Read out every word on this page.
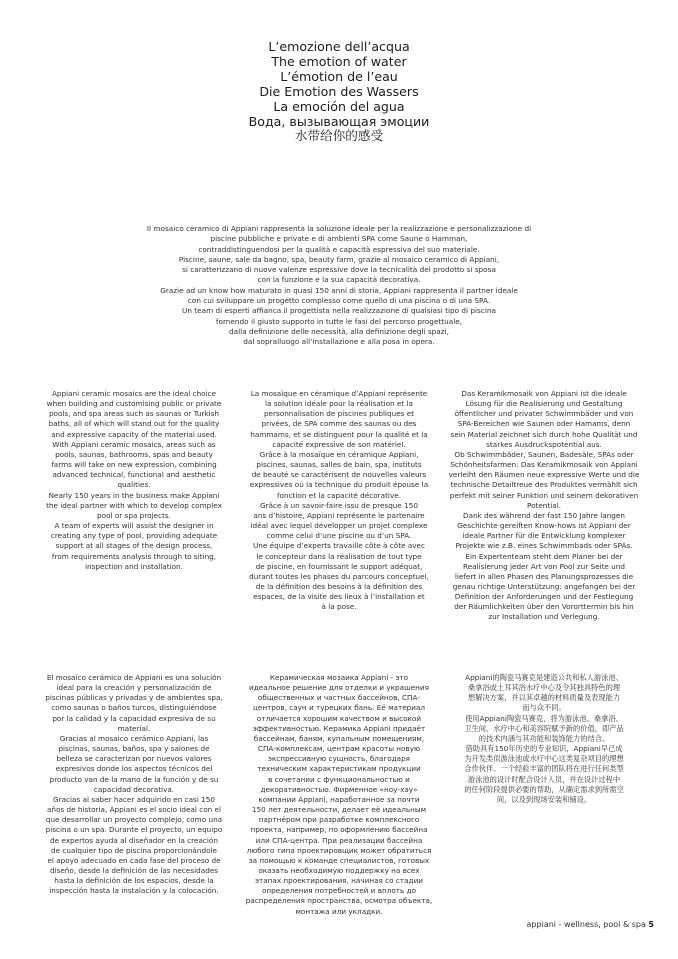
L’emozione dell’acqua
The emotion of water
L’émotion de l’eau
Die Emotion des Wassers
La emoción del agua
Вода, вызывающая эмоции
水带给你的感受

Il mosaico ceramico di Appiani rappresenta la soluzione ideale per la realizzazione e personalizzazione di

piscine pubbliche e private e di ambienti SPA come Saune o Hamman,

contraddistinguendosi per la qualità e capacità espressiva del suo materiale.

Piscine, saune, sale da bagno, spa, beauty farm, grazie al mosaico ceramico di Appiani,

si caratterizzano di nuove valenze espressive dove la tecnicalità del prodotto si sposa

con la funzione e la sua capacità decorativa.

Grazie ad un know how maturato in quasi 150 anni di storia, Appiani rappresenta il partner ideale

con cui sviluppare un progetto complesso come quello di una piscina o di una SPA.

Un team di esperti affianca il progettista nella realizzazione di qualsiasi tipo di piscina

fornendo il giusto supporto in tutte le fasi del percorso progettuale,

dalla definizione delle necessità, alla definizione degli spazi,

dal sopralluogo all’installazione e alla posa in opera.

Appiani ceramic mosaics are the ideal choice

when building and customising public or private

pools, and spa areas such as saunas or Turkish

baths, all of which will stand out for the quality

and expressive capacity of the material used.

With Appiani ceramic mosaics, areas such as

pools, saunas, bathrooms, spas and beauty

farms will take on new expression, combining

advanced technical, functional and aesthetic

qualities.

Nearly 150 years in the business make Appiani

the ideal partner with which to develop complex

pool or spa projects.

A team of experts will assist the designer in

creating any type of pool, providing adequate

support at all stages of the design process,

from requirements analysis through to siting,

inspection and installation.

La mosaïque en céramique d’Appiani représente

la solution idéale pour la réalisation et la

personnalisation de piscines publiques et

privées, de SPA comme des saunas ou des

hammams, et se distinguent pour la qualité et la

capacité expressive de son matériel.

Grâce à la mosaïque en céramique Appiani,

piscines, saunas, salles de bain, spa, instituts

de beauté se caractérisent de nouvelles valeurs

expressives où la technique du produit épouse la

fonction et la capacité décorative.

Grâce à un savoir-faire issu de presque 150

ans d’histoire, Appiani représente le partenaire

idéal avec lequel développer un projet complexe

comme celui d’une piscine ou d’un SPA.

Une équipe d’experts travaille côte à côte avec

le concepteur dans la réalisation de tout type

de piscine, en fournissant le support adéquat,

durant toutes les phases du parcours conceptuel,

de la définition des besoins à la définition des

espaces, de la visite des lieux à l’installation et

à la pose.

Das Keramikmosaik von Appiani ist die ideale

Lösung für die Realisierung und Gestaltung

öffentlicher und privater Schwimmbäder und von

SPA-Bereichen wie Saunen oder Hamams, denn

sein Material zeichnet sich durch hohe Qualität und

starkes Ausdruckspotential aus.

Ob Schwimmbäder, Saunen, Badesäle, SPAs oder

Schönheitsfarmen: Das Keramikmosaik von Appiani

verleiht den Räumen neue expressive Werte und die

technische Detailtreue des Produktes vermählt sich

perfekt mit seiner Funktion und seinem dekorativen

Potential.

Dank des während der fast 150 Jahre langen

Geschichte gereiften Know-hows ist Appiani der

ideale Partner für die Entwicklung komplexer

Projekte wie z.B. eines Schwimmbads oder SPAs.

Ein Expertenteam steht dem Planer bei der

Realisierung jeder Art von Pool zur Seite und

liefert in allen Phasen des Planungsprozesses die

genau richtige Unterstützung: angefangen bei der

Definition der Anforderungen und der Festlegung

der Räumlichkeiten über den Vororttermin bis hin

zur Installation und Verlegung.

El mosaico cerámico de Appiani es una solución

ideal para la creación y personalización de

piscinas públicas y privadas y de ambientes spa,

como saunas o baños turcos, distinguiéndose

por la calidad y la capacidad expresiva de su

material.

Gracias al mosaico cerámico Appiani, las

piscinas, saunas, baños, spa y salones de

belleza se caracterizan por nuevos valores

expresivos donde los aspectos técnicos del

producto van de la mano de la función y de su

capacidad decorativa.

Gracias al saber hacer adquirido en casi 150

años de historia, Appiani es el socio ideal con el

que desarrollar un proyecto complejo, como una

piscina o un spa. Durante el proyecto, un equipo

de expertos ayuda al diseñador en la creación

de cualquier tipo de piscina proporcionándole

el apoyo adecuado en cada fase del proceso de

diseño, desde la definición de las necesidades

hasta la definición de los espacios, desde la

inspección hasta la instalación y la colocación.

Керамическая мозаика Appiani - это

идеальное решение для отделки и украшения

общественных и частных бассейнов, СПА-

центров, саун и турецких бань. Её материал

отличается хорошим качеством и высокой

эффективностью. Керамика Appiani придаёт

бассейнам, баням, купальным помещениям,

СПА-комплексам, центрам красоты новую

экспрессивную сущность, благодаря

техническим характеристикам продукции

в сочетании с функциональностью и

декоративностью. Фирменное «ноу-хау»

компании Appiani, наработанное за почти

150 лет деятельности, делает её идеальным

партнёром при разработке комплексного

проекта, например, по оформлению бассейна

или СПА-центра. При реализации бассейна

любого типа проектировщик может обратиться

за помощью к команде специалистов, готовых

оказать необходимую поддержку на всех

этапах проектирования, начиная со стадии

определения потребностей и вплоть до

распределения пространства, осмотра объекта,

монтажа или укладки.

Appiani的陶瓷马赛克是建造公共和私人游泳池、

桑拿浴或土耳其浴水疗中心及令其独具特色的理

想解决方案，并以其卓越的材料质量及表现能力

而与众不同。

使用Appiani陶瓷马赛克，将为游泳池、桑拿浴、

卫生间、水疗中心和美容院赋予新的价值，即产品

的技术内涵与其功能和装饰能力的结合。

借助具有150年历史的专业知识，Appiani早已成

为开发类似游泳池或水疗中心这类复杂项目的理想

合作伙伴。一个经验丰富的团队将在进行任何类型

游泳池的设计时配合设计人员，并在设计过程中

的任何阶段提供必要的帮助，从确定需求到所需空

间，以及到现场安装和铺设。

appiani - wellness, pool & spa 5
